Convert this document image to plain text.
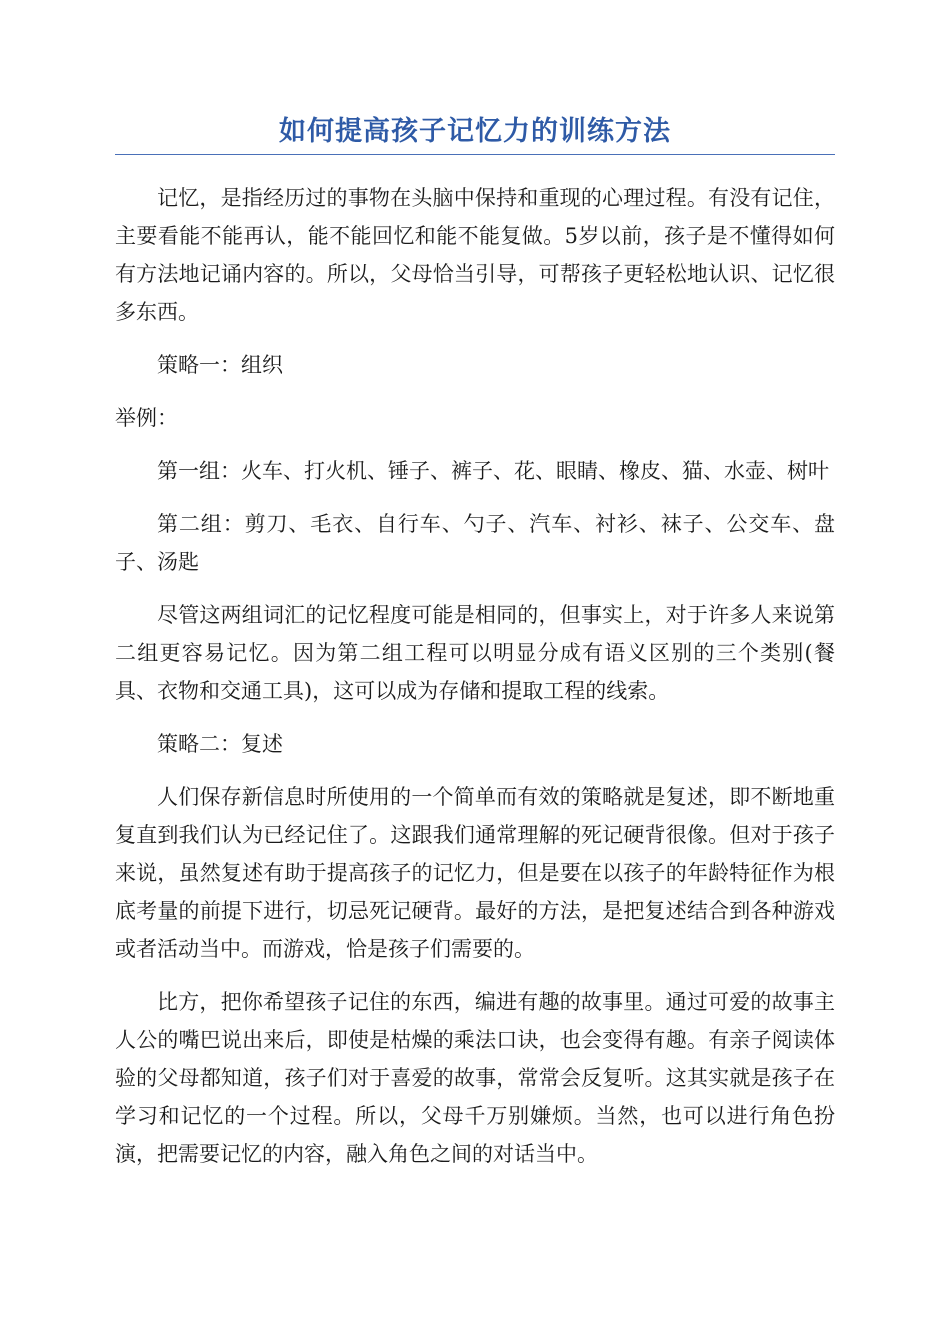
如何提高孩子记忆力的训练方法

记忆，是指经历过的事物在头脑中保持和重现的心理过程。有没有记住，主要看能不能再认，能不能回忆和能不能复做。5岁以前，孩子是不懂得如何有方法地记诵内容的。所以，父母恰当引导，可帮孩子更轻松地认识、记忆很多东西。

策略一：组织

举例：

第一组：火车、打火机、锤子、裤子、花、眼睛、橡皮、猫、水壶、树叶

第二组：剪刀、毛衣、自行车、勺子、汽车、衬衫、袜子、公交车、盘子、汤匙

尽管这两组词汇的记忆程度可能是相同的，但事实上，对于许多人来说第二组更容易记忆。因为第二组工程可以明显分成有语义区别的三个类别(餐具、衣物和交通工具)，这可以成为存储和提取工程的线索。

策略二：复述

人们保存新信息时所使用的一个简单而有效的策略就是复述，即不断地重复直到我们认为已经记住了。这跟我们通常理解的死记硬背很像。但对于孩子来说，虽然复述有助于提高孩子的记忆力，但是要在以孩子的年龄特征作为根底考量的前提下进行，切忌死记硬背。最好的方法，是把复述结合到各种游戏或者活动当中。而游戏，恰是孩子们需要的。

比方，把你希望孩子记住的东西，编进有趣的故事里。通过可爱的故事主人公的嘴巴说出来后，即使是枯燥的乘法口诀，也会变得有趣。有亲子阅读体验的父母都知道，孩子们对于喜爱的故事，常常会反复听。这其实就是孩子在学习和记忆的一个过程。所以，父母千万别嫌烦。当然，也可以进行角色扮演，把需要记忆的内容，融入角色之间的对话当中。
